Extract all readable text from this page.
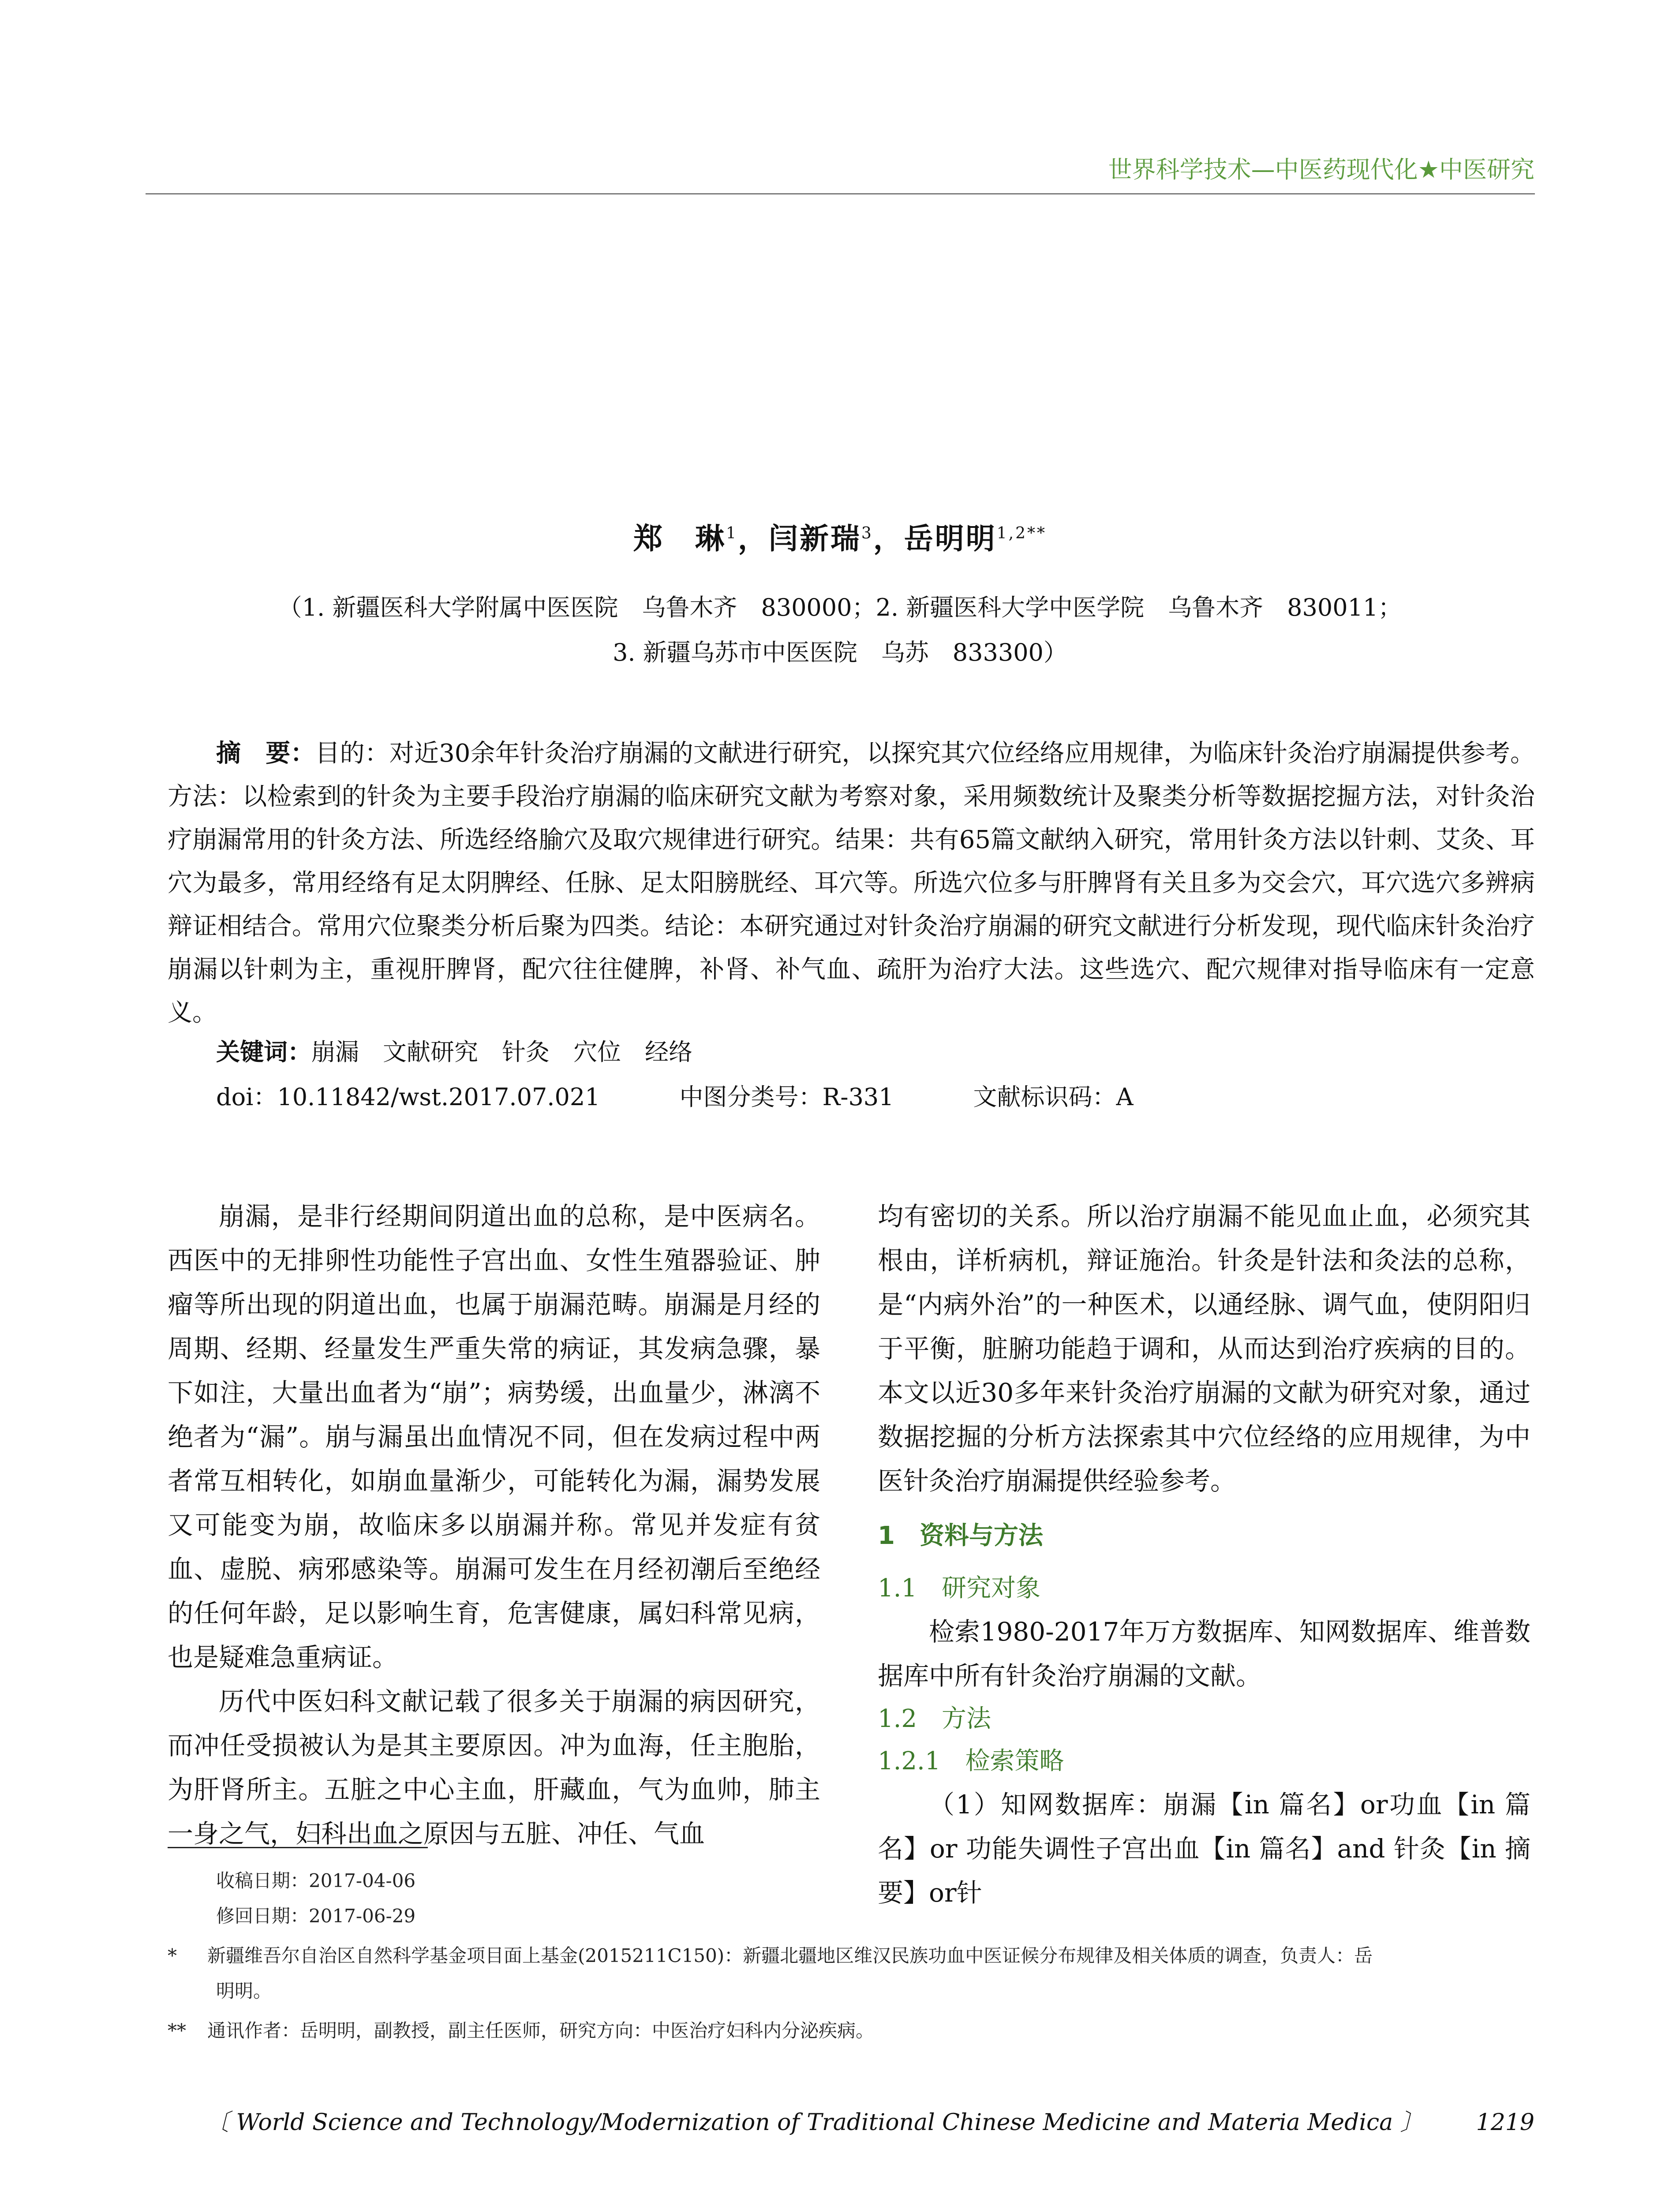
世界科学技术—中医药现代化★中医研究
郑　琳$^1$，闫新瑞$^3$，岳明明$^{1,2**}$
（1. 新疆医科大学附属中医医院　乌鲁木齐　830000；2. 新疆医科大学中医学院　乌鲁木齐　830011；
3. 新疆乌苏市中医医院　乌苏　833300）
摘　要：目的：对近30余年针灸治疗崩漏的文献进行研究，以探究其穴位经络应用规律，为临床针灸治疗崩漏提供参考。方法：以检索到的针灸为主要手段治疗崩漏的临床研究文献为考察对象，采用频数统计及聚类分析等数据挖掘方法，对针灸治疗崩漏常用的针灸方法、所选经络腧穴及取穴规律进行研究。结果：共有65篇文献纳入研究，常用针灸方法以针刺、艾灸、耳穴为最多，常用经络有足太阴脾经、任脉、足太阳膀胱经、耳穴等。所选穴位多与肝脾肾有关且多为交会穴，耳穴选穴多辨病辩证相结合。常用穴位聚类分析后聚为四类。结论：本研究通过对针灸治疗崩漏的研究文献进行分析发现，现代临床针灸治疗崩漏以针刺为主，重视肝脾肾，配穴往往健脾，补肾、补气血、疏肝为治疗大法。这些选穴、配穴规律对指导临床有一定意义。
关键词：崩漏　文献研究　针灸　穴位　经络
doi：10.11842/wst.2017.07.021	中图分类号：R-331	文献标识码：A

崩漏，是非行经期间阴道出血的总称，是中医病名。西医中的无排卵性功能性子宫出血、女性生殖器验证、肿瘤等所出现的阴道出血，也属于崩漏范畴。崩漏是月经的周期、经期、经量发生严重失常的病证，其发病急骤，暴下如注，大量出血者为“崩”；病势缓，出血量少，淋漓不绝者为“漏”。崩与漏虽出血情况不同，但在发病过程中两者常互相转化，如崩血量渐少，可能转化为漏，漏势发展又可能变为崩，故临床多以崩漏并称。常见并发症有贫血、虚脱、病邪感染等。崩漏可发生在月经初潮后至绝经的任何年龄，足以影响生育，危害健康，属妇科常见病，也是疑难急重病证。

历代中医妇科文献记载了很多关于崩漏的病因研究，而冲任受损被认为是其主要原因。冲为血海，任主胞胎，为肝肾所主。五脏之中心主血，肝藏血，气为血帅，肺主一身之气，妇科出血之原因与五脏、冲任、气血

均有密切的关系。所以治疗崩漏不能见血止血，必须究其根由，详析病机，辩证施治。针灸是针法和灸法的总称，是“内病外治”的一种医术，以通经脉、调气血，使阴阳归于平衡，脏腑功能趋于调和，从而达到治疗疾病的目的。本文以近30多年来针灸治疗崩漏的文献为研究对象，通过数据挖掘的分析方法探索其中穴位经络的应用规律，为中医针灸治疗崩漏提供经验参考。

1　资料与方法
1.1　研究对象

检索1980-2017年万方数据库、知网数据库、维普数据库中所有针灸治疗崩漏的文献。

1.2　方法
1.2.1　检索策略

（1）知网数据库：崩漏【in 篇名】or功血【in 篇名】or 功能失调性子宫出血【in 篇名】and 针灸【in 摘要】or针

收稿日期：2017-04-06
修回日期：2017-06-29
* 新疆维吾尔自治区自然科学基金项目面上基金(2015211C150)：新疆北疆地区维汉民族功血中医证候分布规律及相关体质的调查，负责人：岳
明明。
** 通讯作者：岳明明，副教授，副主任医师，研究方向：中医治疗妇科内分泌疾病。
〔 World Science and Technology/Modernization of Traditional Chinese Medicine and Materia Medica 〕 1219
